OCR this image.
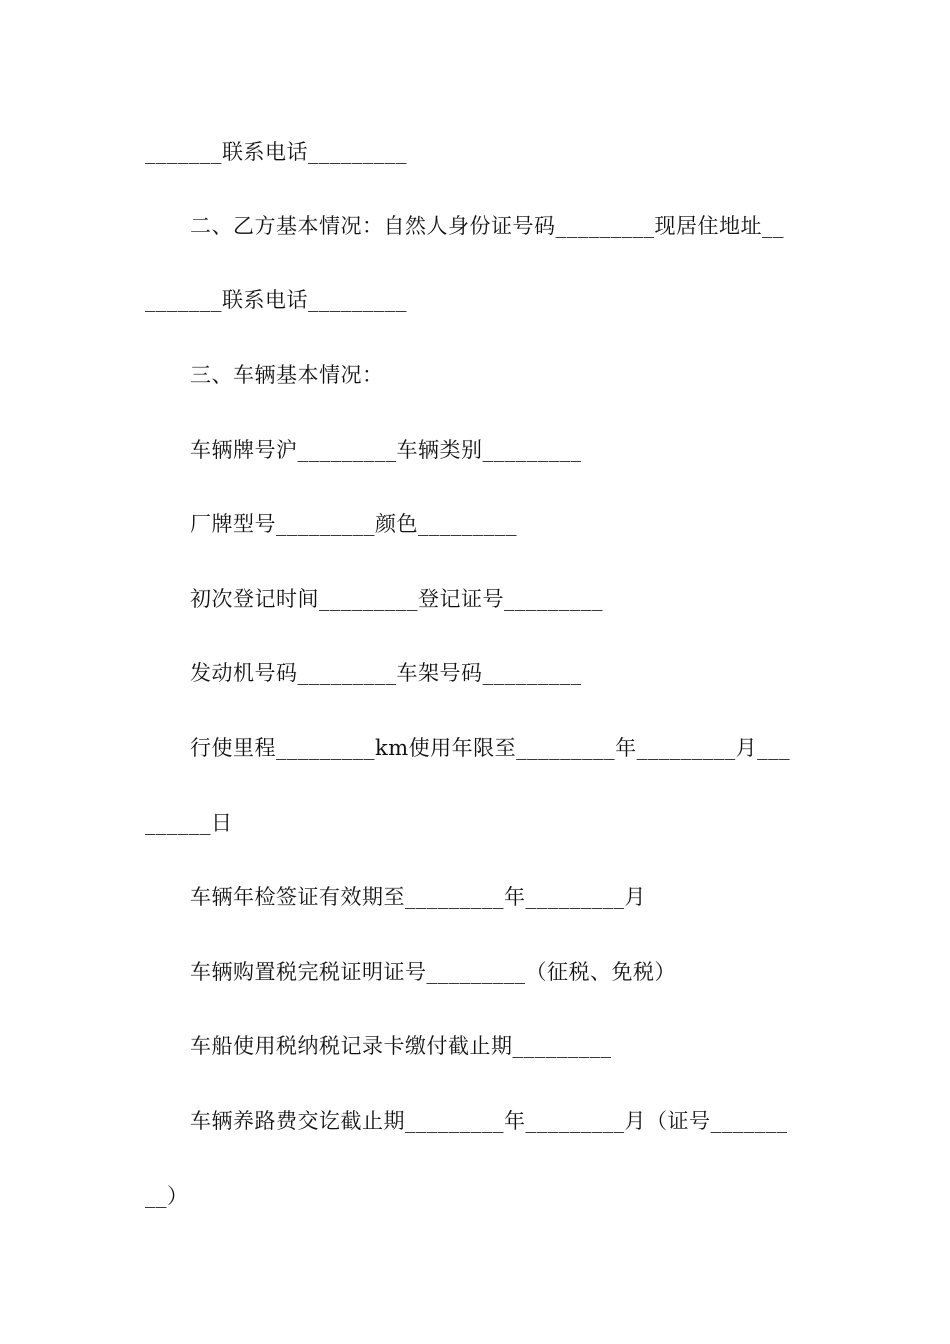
_______联系电话_________
二、乙方基本情况：自然人身份证号码_________现居住地址__
_______联系电话_________
三、车辆基本情况：
车辆牌号沪_________车辆类别_________
厂牌型号_________颜色_________
初次登记时间_________登记证号_________
发动机号码_________车架号码_________
行使里程_________km使用年限至_________年_________月___
______日
车辆年检签证有效期至_________年_________月
车辆购置税完税证明证号_________（征税、免税）
车船使用税纳税记录卡缴付截止期_________
车辆养路费交讫截止期_________年_________月（证号_______
__）
